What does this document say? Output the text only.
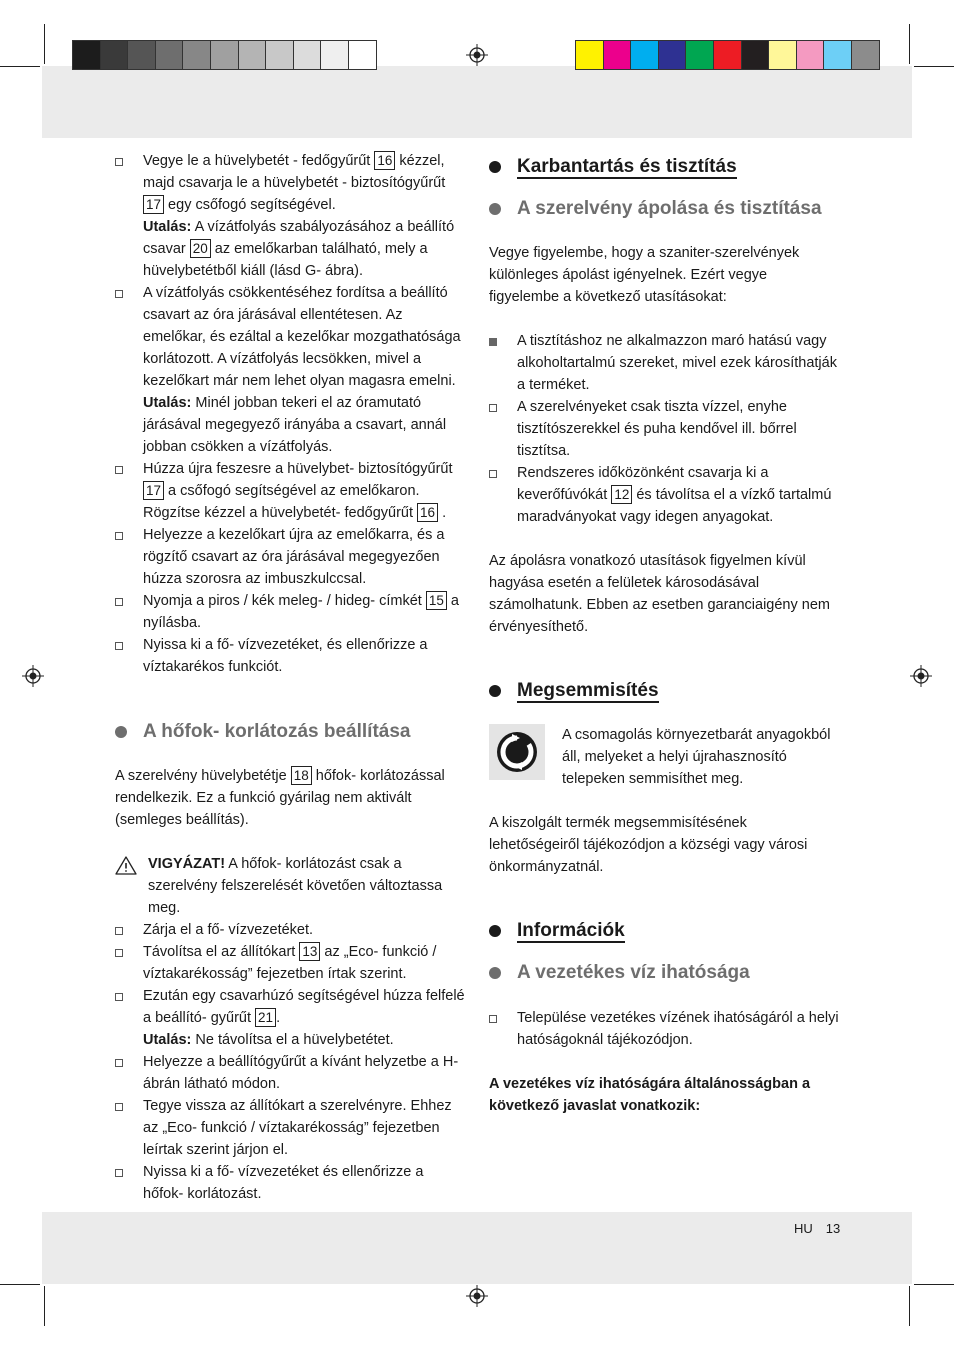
Vegye le a hüvelybetét - fedőgyűrűt 16 kézzel, majd csavarja le a hüvelybetét - biztosítógyűrűt 17 egy csőfogó segítségével.
Utalás: A vízátfolyás szabályozásához a beállító csavar 20 az emelőkarban található, mely a hüvelybetétből kiáll (lásd G- ábra).
A vízátfolyás csökkentéséhez fordítsa a beállító csavart az óra járásával ellentétesen. Az emelőkar, és ezáltal a kezelőkar mozgathatósága korlátozott. A vízátfolyás lecsökken, mivel a kezelőkart már nem lehet olyan magasra emelni.
Utalás: Minél jobban tekeri el az óramutató járásával megegyező irányába a csavart, annál jobban csökken a vízátfolyás.
Húzza újra feszesre a hüvelybet- biztosítógyűrűt 17 a csőfogó segítségével az emelőkaron. Rögzítse kézzel a hüvelybetét- fedőgyűrűt 16 .
Helyezze a kezelőkart újra az emelőkarra, és a rögzítő csavart az óra járásával megegyezően húzza szorosra az imbuszkulccsal.
Nyomja a piros / kék meleg- / hideg- címkét 15 a nyílásba.
Nyissa ki a fő- vízvezetéket, és ellenőrizze a víztakarékos funkciót.
A hőfok- korlátozás beállítása

A szerelvény hüvelybetétje 18 hőfok- korlátozással rendelkezik. Ez a funkció gyárilag nem aktivált (semleges beállítás).

VIGYÁZAT! A hőfok- korlátozást csak a szerelvény felszerelését követően változtassa meg.
Zárja el a fő- vízvezetéket.
Távolítsa el az állítókart 13 az „Eco- funkció / víztakarékosság” fejezetben írtak szerint.
Ezután egy csavarhúzó segítségével húzza felfelé a beállító- gyűrűt 21 .
Utalás: Ne távolítsa el a hüvelybetétet.
Helyezze a beállítógyűrűt a kívánt helyzetbe a H- ábrán látható módon.
Tegye vissza az állítókart a szerelvényre. Ehhez az „Eco- funkció / víztakarékosság” fejezetben leírtak szerint járjon el.
Nyissa ki a fő- vízvezetéket és ellenőrizze a hőfok- korlátozást.
Karbantartás és tisztítás
A szerelvény ápolása és tisztítása

Vegye figyelembe, hogy a szaniter-szerelvények különleges ápolást igényelnek. Ezért vegye figyelembe a következő utasításokat:

A tisztításhoz ne alkalmazzon maró hatású vagy alkoholtartalmú szereket, mivel ezek károsíthatják a terméket.
A szerelvényeket csak tiszta vízzel, enyhe tisztítószerekkel és puha kendővel ill. bőrrel tisztítsa.
Rendszeres időközönként csavarja ki a keverőfúvókát 12 és távolítsa el a vízkő tartalmú maradványokat vagy idegen anyagokat.

Az ápolásra vonatkozó utasítások figyelmen kívül hagyása esetén a felületek károsodásával számolhatunk. Ebben az esetben garanciaigény nem érvényesíthető.

Megsemmisítés

A csomagolás környezetbarát anyagokból áll, melyeket a helyi újrahasznosító telepeken semmisíthet meg.

A kiszolgált termék megsemmisítésének lehetőségeiről tájékozódjon a községi vagy városi önkormányzatnál.

Információk
A vezetékes víz ihatósága
Települése vezetékes vízének ihatóságáról a helyi hatóságoknál tájékozódjon.

A vezetékes víz ihatóságára általánosságban a következő javaslat vonatkozik:

HU 13
